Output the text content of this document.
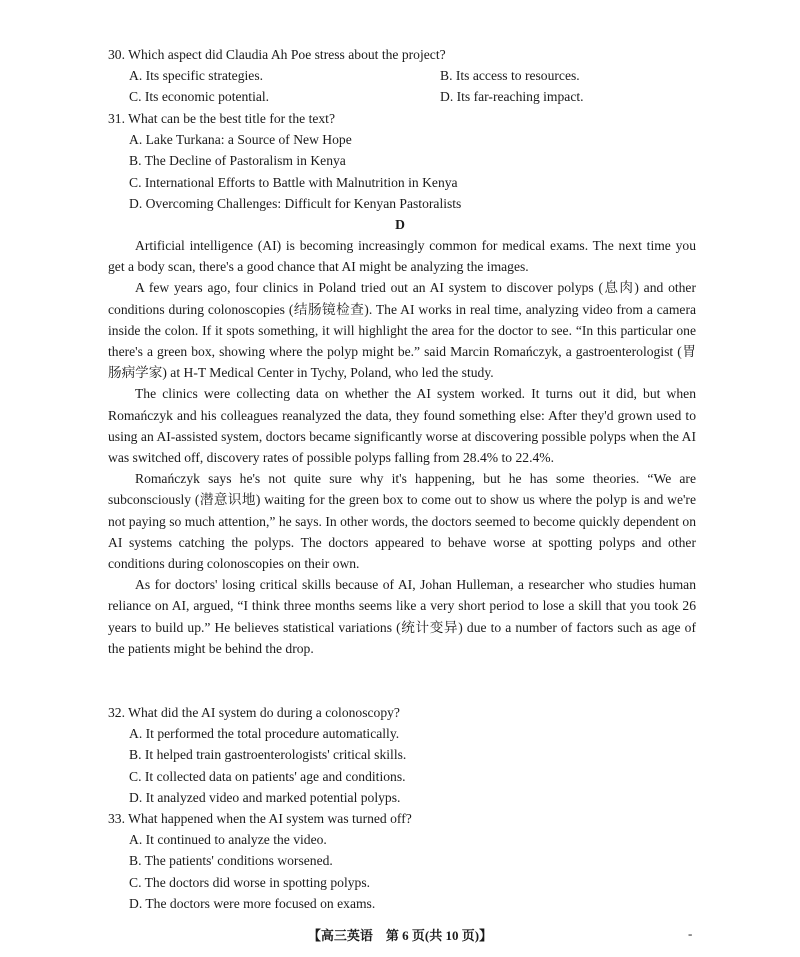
30. Which aspect did Claudia Ah Poe stress about the project?
A. Its specific strategies.	B. Its access to resources.
C. Its economic potential.	D. Its far-reaching impact.
31. What can be the best title for the text?
A. Lake Turkana: a Source of New Hope
B. The Decline of Pastoralism in Kenya
C. International Efforts to Battle with Malnutrition in Kenya
D. Overcoming Challenges: Difficult for Kenyan Pastoralists
D

Artificial intelligence (AI) is becoming increasingly common for medical exams. The next time you get a body scan, there's a good chance that AI might be analyzing the images.

A few years ago, four clinics in Poland tried out an AI system to discover polyps (息肉) and other conditions during colonoscopies (结肠镜检查). The AI works in real time, analyzing video from a camera inside the colon. If it spots something, it will highlight the area for the doctor to see. “In this particular one there's a green box, showing where the polyp might be.” said Marcin Romańczyk, a gastroenterologist (胃肠病学家) at H-T Medical Center in Tychy, Poland, who led the study.

The clinics were collecting data on whether the AI system worked. It turns out it did, but when Romańczyk and his colleagues reanalyzed the data, they found something else: After they'd grown used to using an AI-assisted system, doctors became significantly worse at discovering possible polyps when the AI was switched off, discovery rates of possible polyps falling from 28.4% to 22.4%.

Romańczyk says he's not quite sure why it's happening, but he has some theories. “We are subconsciously (潜意识地) waiting for the green box to come out to show us where the polyp is and we're not paying so much attention,” he says. In other words, the doctors seemed to become quickly dependent on AI systems catching the polyps. The doctors appeared to behave worse at spotting polyps and other conditions during colonoscopies on their own.

As for doctors' losing critical skills because of AI, Johan Hulleman, a researcher who studies human reliance on AI, argued, “I think three months seems like a very short period to lose a skill that you took 26 years to build up.” He believes statistical variations (统计变异) due to a number of factors such as age of the patients might be behind the drop.

32. What did the AI system do during a colonoscopy?
A. It performed the total procedure automatically.
B. It helped train gastroenterologists' critical skills.
C. It collected data on patients' age and conditions.
D. It analyzed video and marked potential polyps.
33. What happened when the AI system was turned off?
A. It continued to analyze the video.
B. The patients' conditions worsened.
C. The doctors did worse in spotting polyps.
D. The doctors were more focused on exams.
【高三英语　第 6 页(共 10 页)】	-
